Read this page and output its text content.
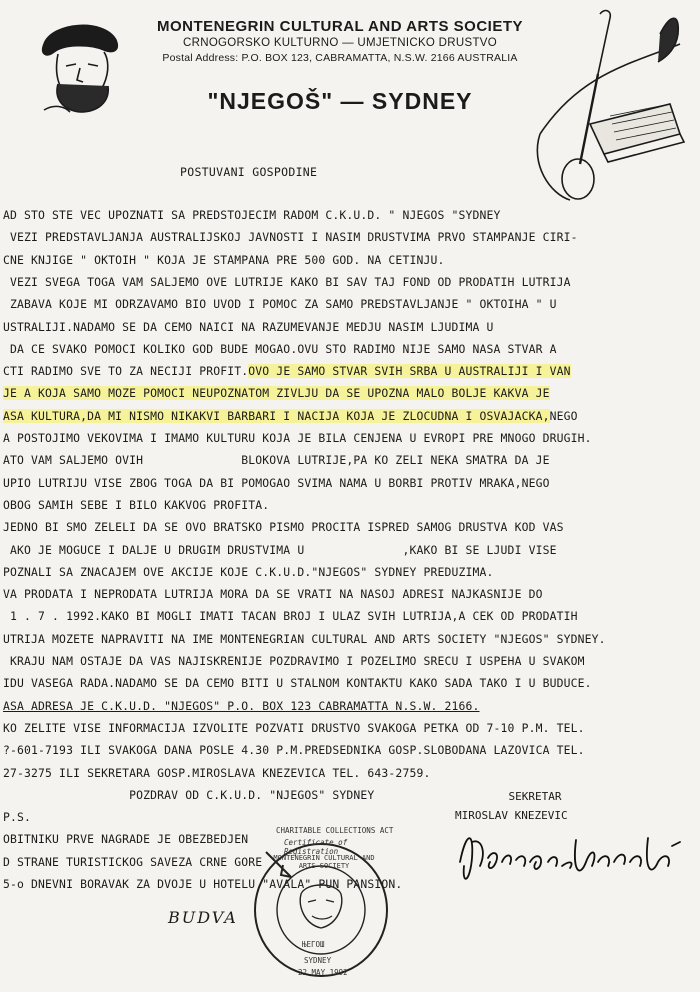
MONTENEGRIN CULTURAL AND ARTS SOCIETY
CRNOGORSKO KULTURNO — UMJETNICKO DRUSTVO
Postal Address: P.O. BOX 123, CABRAMATTA, N.S.W. 2166 AUSTRALIA
"NJEGOŠ" — SYDNEY
POSTUVANI GOSPODINE
AD STO STE VEC UPOZNATI SA PREDSTOJECIM RADOM C.K.U.D. " NJEGOS "SYDNEY
VEZI PREDSTAVLJANJA AUSTRALIJSKOJ JAVNOSTI I NASIM DRUSTVIMA PRVO STAMPANJE CIRI-
CNE KNJIGE " OKTOIH " KOJA JE STAMPANA PRE 500 GOD. NA CETINJU.
VEZI SVEGA TOGA VAM SALJEMO OVE LUTRIJE KAKO BI SAV TAJ FOND OD PRODATIH LUTRIJA
ZABAVA KOJE MI ODRZAVAMO BIO UVOD I POMOC ZA SAMO PREDSTAVLJANJE " OKTOIHA " U
USTRALIJI.NADAMO SE DA CEMO NAICI NA RAZUMEVANJE MEDJU NASIM LJUDIMA U
DA CE SVAKO POMOCI KOLIKO GOD BUDE MOGAO.OVU STO RADIMO NIJE SAMO NASA STVAR A
CTI RADIMO SVE TO ZA NECIJI PROFIT.OVO JE SAMO STVAR SVIH SRBA U AUSTRALIJI I VAN
JE A KOJA SAMO MOZE POMOCI NEUPOZNATOM ZIVLJU DA SE UPOZNA MALO BOLJE KAKVA JE
ASA KULTURA,DA MI NISMO NIKAKVI BARBARI I NACIJA KOJA JE ZLOCUDNA I OSVAJACKA,NEGO
A POSTOJIMO VEKOVIMA I IMAMO KULTURU KOJA JE BILA CENJENA U EVROPI PRE MNOGO DRUGIH.
ATO VAM SALJEMO OVIH              BLOKOVA LUTRIJE,PA KO ZELI NEKA SMATRA DA JE
UPIO LUTRIJU VISE ZBOG TOGA DA BI POMOGAO SVIMA NAMA U BORBI PROTIV MRAKA,NEGO
OBOG SAMIH SEBE I BILO KAKVOG PROFITA.
JEDNO BI SMO ZELELI DA SE OVO BRATSKO PISMO PROCITA ISPRED SAMOG DRUSTVA KOD VAS
AKO JE MOGUCE I DALJE U DRUGIM DRUSTVIMA U              ,KAKO BI SE LJUDI VISE
POZNALI SA ZNACAJEM OVE AKCIJE KOJE C.K.U.D."NJEGOS" SYDNEY PREDUZIMA.
VA PRODATA I NEPRODATA LUTRIJA MORA DA SE VRATI NA NASOJ ADRESI NAJKASNIJE DO
1 . 7 . 1992.KAKO BI MOGLI IMATI TACAN BROJ I ULAZ SVIH LUTRIJA,A CEK OD PRODATIH
UTRIJA MOZETE NAPRAVITI NA IME MONTENEGRIAN CULTURAL AND ARTS SOCIETY "NJEGOS" SYDNEY.
KRAJU NAM OSTAJE DA VAS NAJISKRENIJE POZDRAVIMO I POZELIMO SRECU I USPEHA U SVAKOM
IDU VASEGA RADA.NADAMO SE DA CEMO BITI U STALNOM KONTAKTU KAKO SADA TAKO I U BUDUCE.
ASA ADRESA JE C.K.U.D. "NJEGOS" P.O. BOX 123 CABRAMATTA N.S.W. 2166.
KO ZELITE VISE INFORMACIJA IZVOLITE POZVATI DRUSTVO SVAKOGA PETKA OD 7-10 P.M. TEL.
?-601-7193 ILI SVAKOGA DANA POSLE 4.30 P.M.PREDSEDNIKA GOSP.SLOBODANA LAZOVICA TEL.
27-3275 ILI SEKRETARA GOSP.MIROSLAVA KNEZEVICA TEL. 643-2759.
POZDRAV OD C.K.U.D. "NJEGOS" SYDNEY
P.S.
OBITNIKU PRVE NAGRADE JE OBEZBEDJEN
D STRANE TURISTICKOG SAVEZA CRNE GORE
5-o DNEVNI BORAVAK ZA DVOJE U HOTELU "AVALA" PUN PANSION.
SEKRETAR
MIROSLAV KNEZEVIC
CHARITABLE COLLECTIONS ACT
Certificate of Registration
MONTENEGRIN CULTURAL AND ARTS SOCIETY
ЊЕГОШ
SYDNEY
22 MAY 1992
BUDVA
